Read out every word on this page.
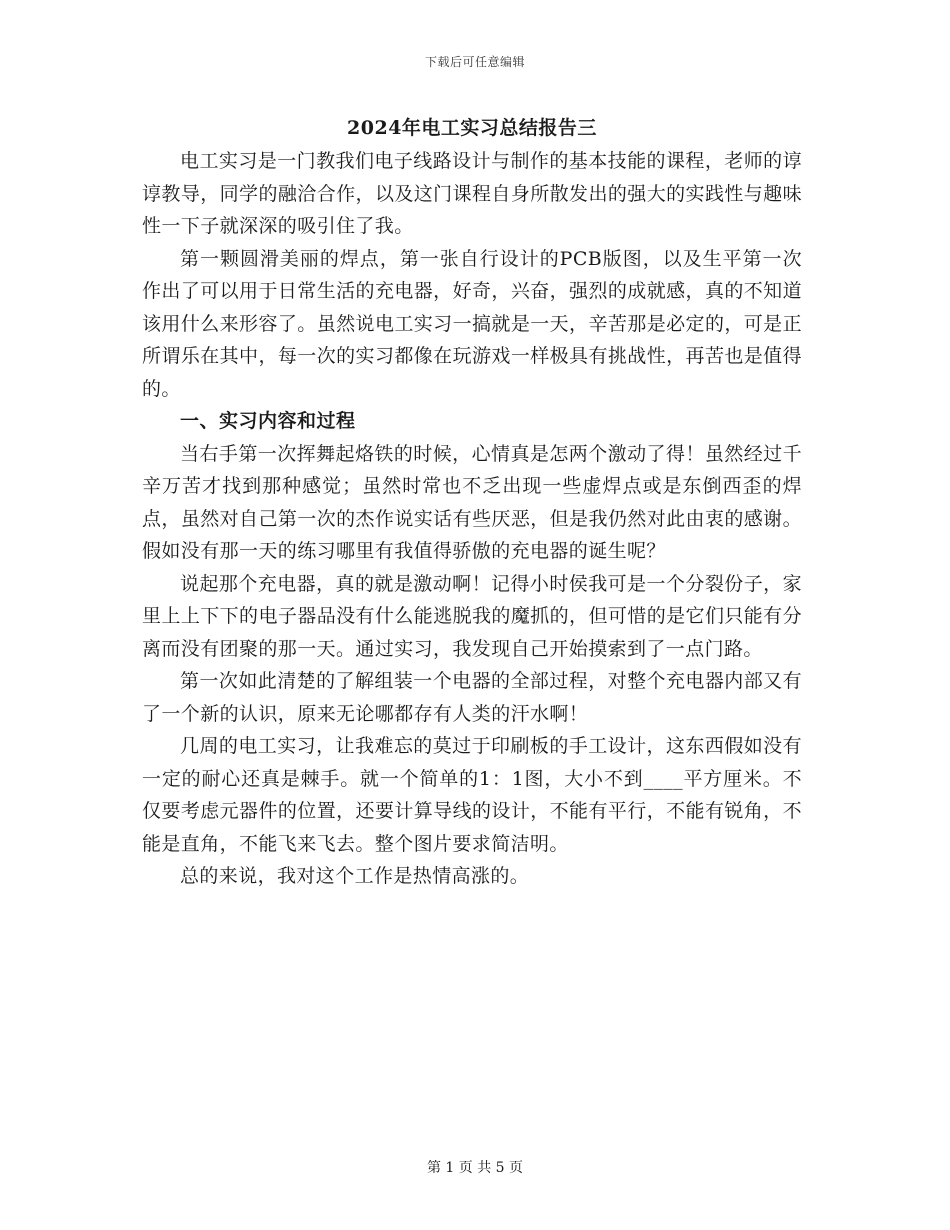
下载后可任意编辑
2024年电工实习总结报告三

电工实习是一门教我们电子线路设计与制作的基本技能的课程，老师的谆谆教导，同学的融洽合作，以及这门课程自身所散发出的强大的实践性与趣味性一下子就深深的吸引住了我。

第一颗圆滑美丽的焊点，第一张自行设计的PCB版图，以及生平第一次作出了可以用于日常生活的充电器，好奇，兴奋，强烈的成就感，真的不知道该用什么来形容了。虽然说电工实习一搞就是一天，辛苦那是必定的，可是正所谓乐在其中，每一次的实习都像在玩游戏一样极具有挑战性，再苦也是值得的。

一、实习内容和过程

当右手第一次挥舞起烙铁的时候，心情真是怎两个激动了得！虽然经过千辛万苦才找到那种感觉；虽然时常也不乏出现一些虚焊点或是东倒西歪的焊点，虽然对自己第一次的杰作说实话有些厌恶，但是我仍然对此由衷的感谢。假如没有那一天的练习哪里有我值得骄傲的充电器的诞生呢？

说起那个充电器，真的就是激动啊！记得小时侯我可是一个分裂份子，家里上上下下的电子器品没有什么能逃脱我的魔抓的，但可惜的是它们只能有分离而没有团聚的那一天。通过实习，我发现自己开始摸索到了一点门路。

第一次如此清楚的了解组装一个电器的全部过程，对整个充电器内部又有了一个新的认识，原来无论哪都存有人类的汗水啊！

几周的电工实习，让我难忘的莫过于印刷板的手工设计，这东西假如没有一定的耐心还真是棘手。就一个简单的1：1图，大小不到____平方厘米。不仅要考虑元器件的位置，还要计算导线的设计，不能有平行，不能有锐角，不能是直角，不能飞来飞去。整个图片要求简洁明。

总的来说，我对这个工作是热情高涨的。

第 1 页 共 5 页
